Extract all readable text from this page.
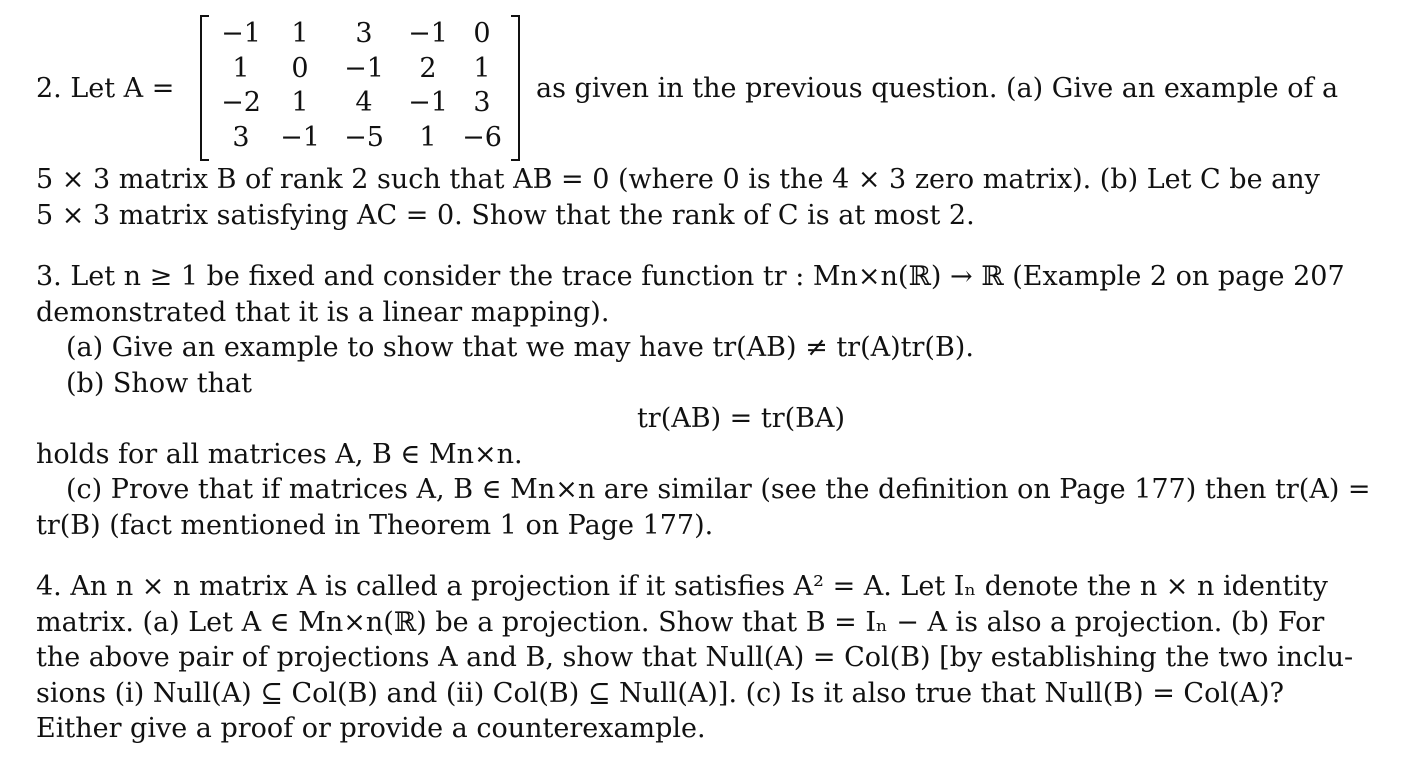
2. Let A =
−1	1	3	−1 0
1	0	−1	2	1
−2	1	4	−1 3
3	−1 −5	1 −6
as given in the previous question. (a) Give an example of a
5 × 3 matrix B of rank 2 such that AB = 0 (where 0 is the 4 × 3 zero matrix). (b) Let C be any
5 × 3 matrix satisfying AC = 0. Show that the rank of C is at most 2.
3. Let n ≥ 1 be fixed and consider the trace function tr : Mn×n(ℝ) → ℝ (Example 2 on page 207
demonstrated that it is a linear mapping).
(a) Give an example to show that we may have tr(AB) ≠ tr(A)tr(B).
(b) Show that
tr(AB) = tr(BA)
holds for all matrices A, B ∈ Mn×n.
(c) Prove that if matrices A, B ∈ Mn×n are similar (see the definition on Page 177) then tr(A) =
tr(B) (fact mentioned in Theorem 1 on Page 177).
4. An n × n matrix A is called a projection if it satisfies A² = A. Let Iₙ denote the n × n identity
matrix. (a) Let A ∈ Mn×n(ℝ) be a projection. Show that B = Iₙ − A is also a projection. (b) For
the above pair of projections A and B, show that Null(A) = Col(B) [by establishing the two inclu-
sions (i) Null(A) ⊆ Col(B) and (ii) Col(B) ⊆ Null(A)]. (c) Is it also true that Null(B) = Col(A)?
Either give a proof or provide a counterexample.
